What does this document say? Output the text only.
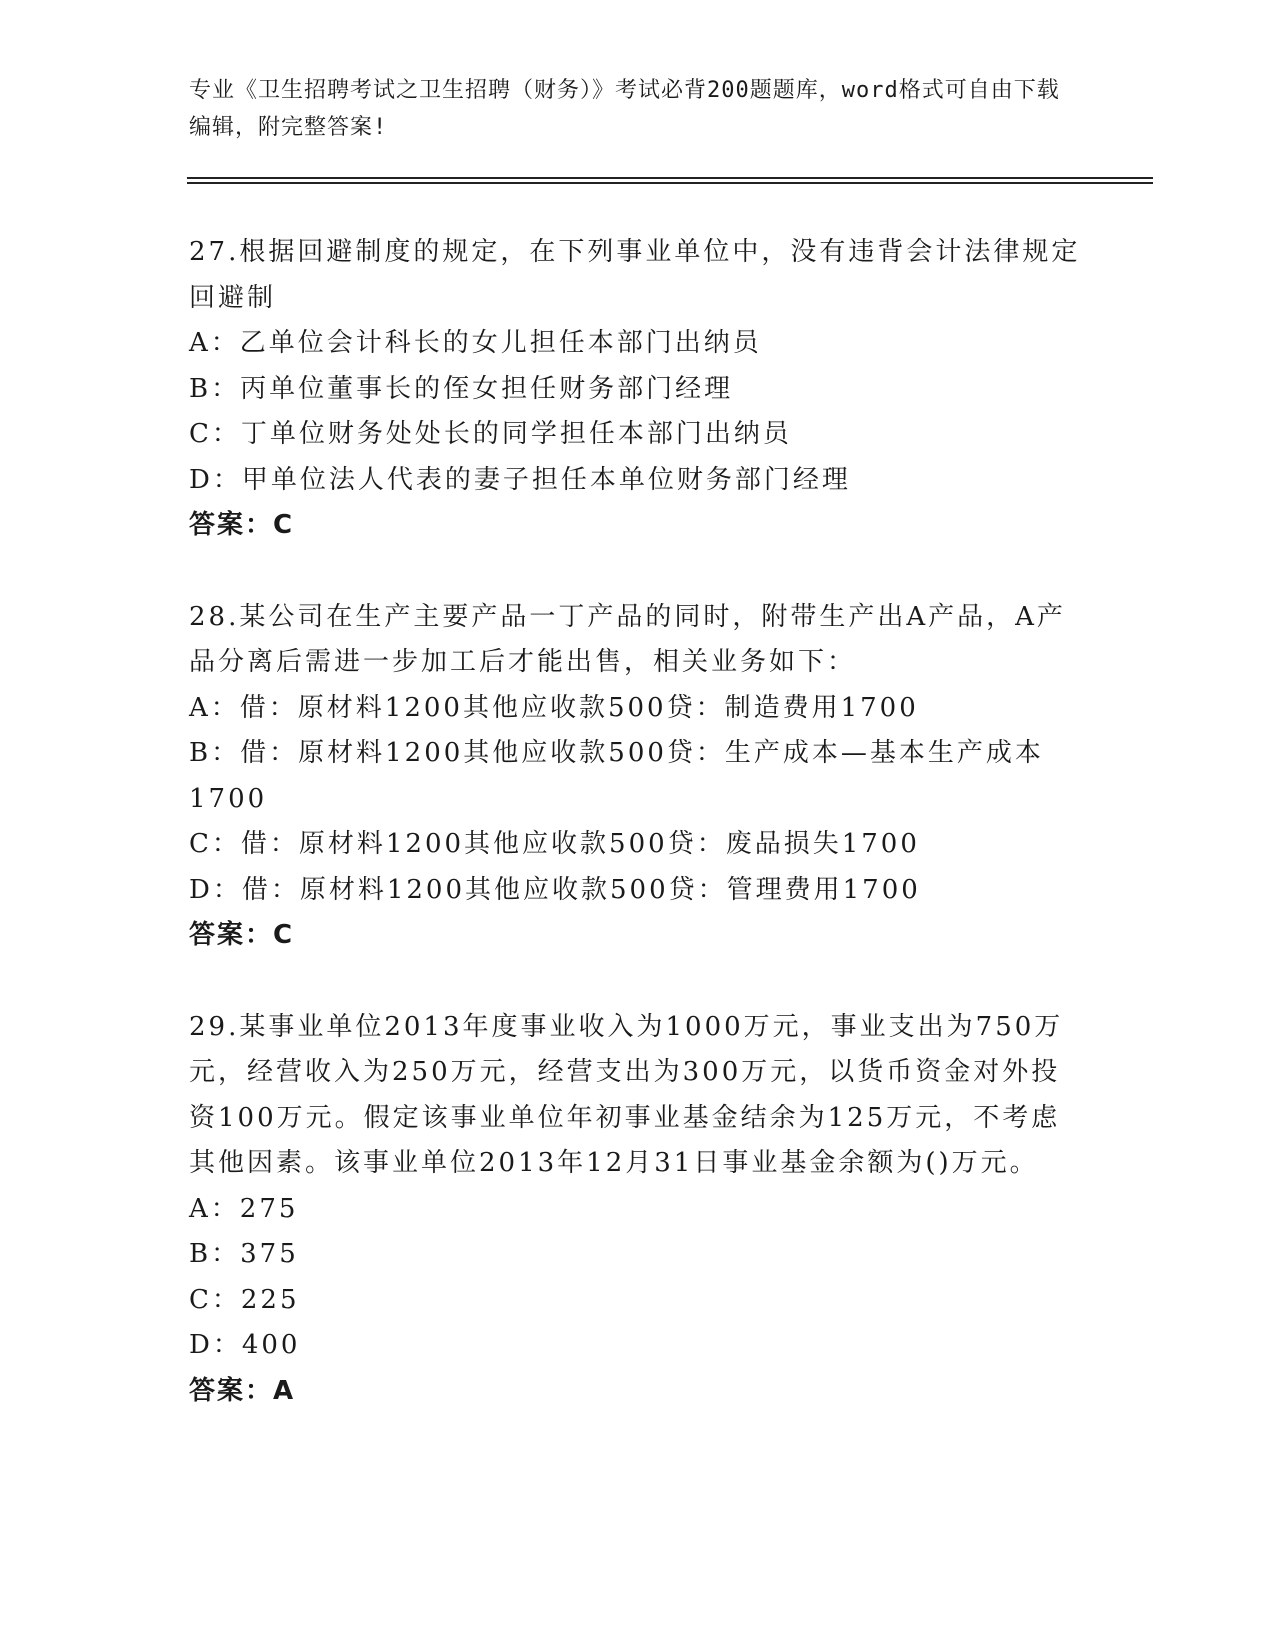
专业《卫生招聘考试之卫生招聘（财务）》考试必背200题题库，word格式可自由下载编辑，附完整答案!

27.根据回避制度的规定，在下列事业单位中，没有违背会计法律规定回避制

A：乙单位会计科长的女儿担任本部门出纳员

B：丙单位董事长的侄女担任财务部门经理

C：丁单位财务处处长的同学担任本部门出纳员

D：甲单位法人代表的妻子担任本单位财务部门经理

答案：C

28.某公司在生产主要产品一丁产品的同时，附带生产出A产品，A产品分离后需进一步加工后才能出售，相关业务如下：

A：借：原材料1200其他应收款500贷：制造费用1700

B：借：原材料1200其他应收款500贷：生产成本—基本生产成本1700

C：借：原材料1200其他应收款500贷：废品损失1700

D：借：原材料1200其他应收款500贷：管理费用1700

答案：C

29.某事业单位2013年度事业收入为1000万元，事业支出为750万元，经营收入为250万元，经营支出为300万元，以货币资金对外投资100万元。假定该事业单位年初事业基金结余为125万元，不考虑其他因素。该事业单位2013年12月31日事业基金余额为()万元。

A：275

B：375

C：225

D：400

答案：A
